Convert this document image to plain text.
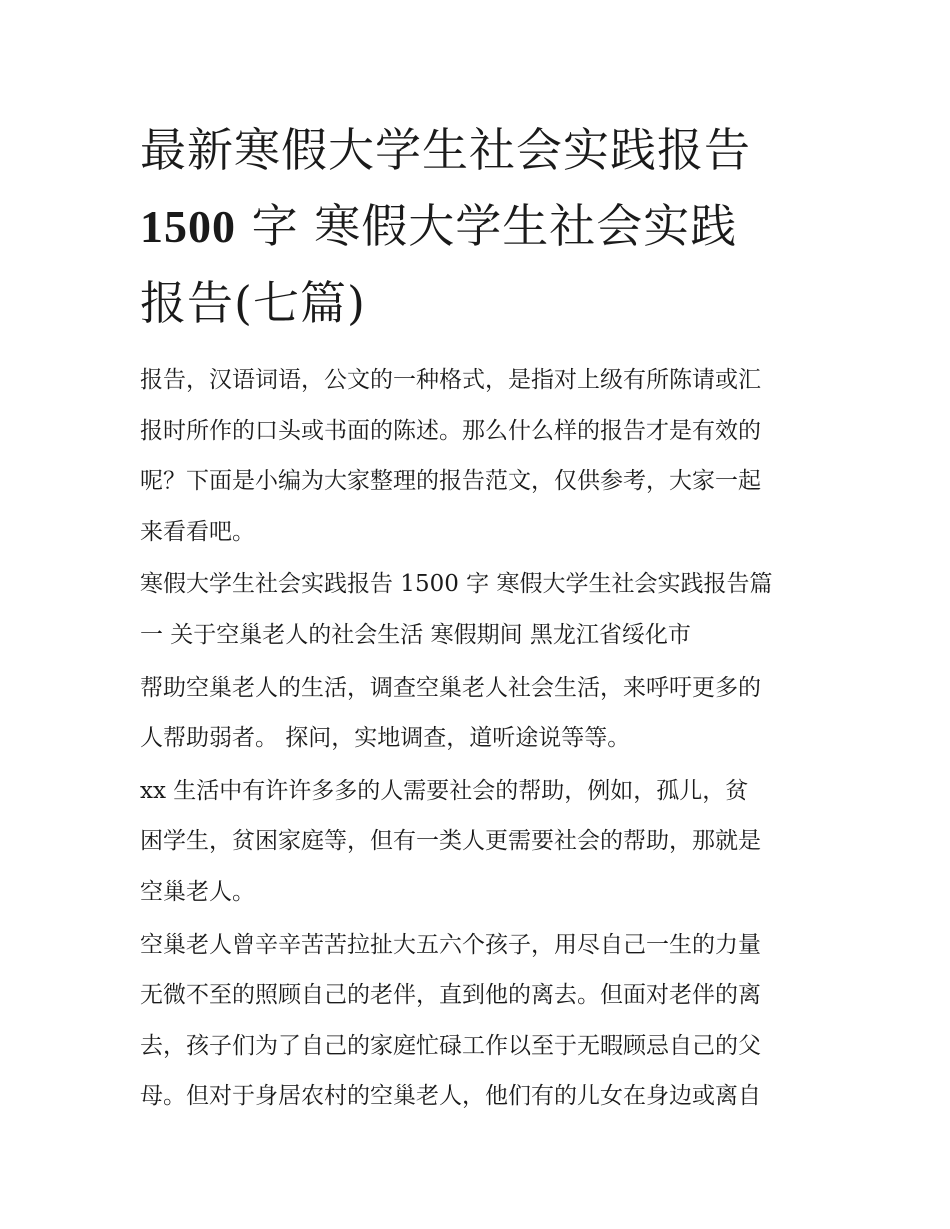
最新寒假大学生社会实践报告
1500 字 寒假大学生社会实践
报告(七篇)

报告，汉语词语，公文的一种格式，是指对上级有所陈请或汇
报时所作的口头或书面的陈述。那么什么样的报告才是有效的
呢？下面是小编为大家整理的报告范文，仅供参考，大家一起
来看看吧。

寒假大学生社会实践报告 1500 字 寒假大学生社会实践报告篇
一 关于空巢老人的社会生活 寒假期间 黑龙江省绥化市

帮助空巢老人的生活，调查空巢老人社会生活，来呼吁更多的
人帮助弱者。 探问，实地调查，道听途说等等。

xx 生活中有许许多多的人需要社会的帮助，例如，孤儿，贫
困学生，贫困家庭等，但有一类人更需要社会的帮助，那就是
空巢老人。

空巢老人曾辛辛苦苦拉扯大五六个孩子，用尽自己一生的力量
无微不至的照顾自己的老伴，直到他的离去。但面对老伴的离
去，孩子们为了自己的家庭忙碌工作以至于无暇顾忌自己的父
母。但对于身居农村的空巢老人，他们有的儿女在身边或离自
